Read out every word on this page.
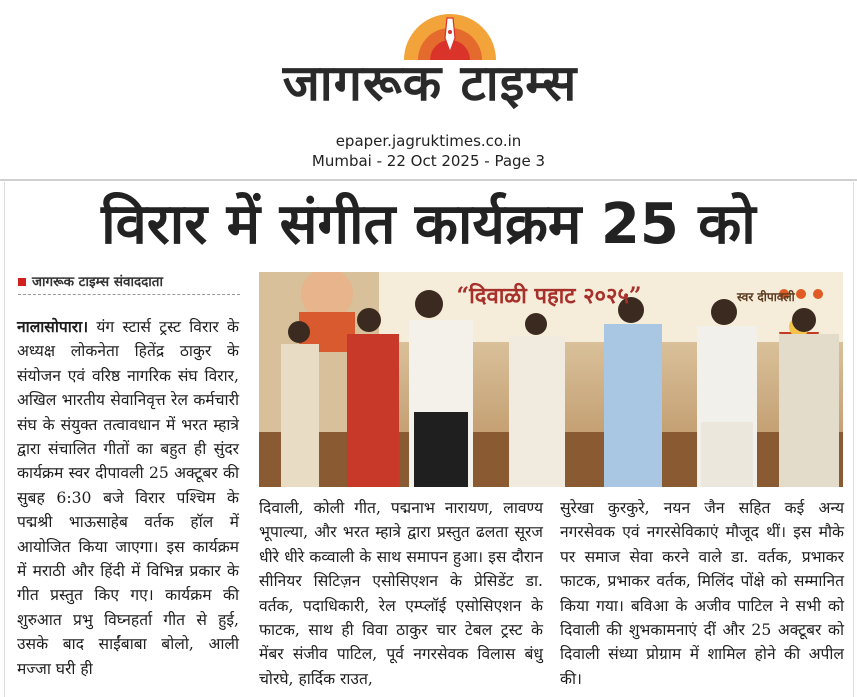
जागरूक टाइम्स
epaper.jagruktimes.co.in
Mumbai - 22 Oct 2025 - Page 3
विरार में संगीत कार्यक्रम 25 को
जागरूक टाइम्स संवाददाता
नालासोपारा। यंग स्टार्स ट्रस्ट विरार के अध्यक्ष लोकनेता हितेंद्र ठाकुर के संयोजन एवं वरिष्ठ नागरिक संघ विरार, अखिल भारतीय सेवानिवृत्त रेल कर्मचारी संघ के संयुक्त तत्वावधान में भरत म्हात्रे द्वारा संचालित गीतों का बहुत ही सुंदर कार्यक्रम स्वर दीपावली 25 अक्टूबर की सुबह 6:30 बजे विरार पश्चिम के पद्मश्री भाऊसाहेब वर्तक हॉल में आयोजित किया जाएगा। इस कार्यक्रम में मराठी और हिंदी में विभिन्न प्रकार के गीत प्रस्तुत किए गए। कार्यक्रम की शुरुआत प्रभु विघ्नहर्ता गीत से हुई, उसके बाद साईंबाबा बोलो, आली मज्जा घरी ही
“दिवाळी पहाट २०२५”	स्वर दीपावली
दिवाली, कोली गीत, पद्मनाभ नारायण, लावण्य भूपाल्या, और भरत म्हात्रे द्वारा प्रस्तुत ढलता सूरज धीरे धीरे कव्वाली के साथ समापन हुआ। इस दौरान सीनियर सिटिज़न एसोसिएशन के प्रेसिडेंट डा. वर्तक, पदाधिकारी, रेल एम्प्लॉई एसोसिएशन के फाटक, साथ ही विवा ठाकुर चार टेबल ट्रस्ट के मेंबर संजीव पाटिल, पूर्व नगरसेवक विलास बंधु चोरघे, हार्दिक राउत,
सुरेखा कुरकुरे, नयन जैन सहित कई अन्य नगरसेवक एवं नगरसेविकाएं मौजूद थीं। इस मौके पर समाज सेवा करने वाले डा. वर्तक, प्रभाकर फाटक, प्रभाकर वर्तक, मिलिंद पोंक्षे को सम्मानित किया गया। बविआ के अजीव पाटिल ने सभी को दिवाली की शुभकामनाएं दीं और 25 अक्टूबर को दिवाली संध्या प्रोग्राम में शामिल होने की अपील की।
